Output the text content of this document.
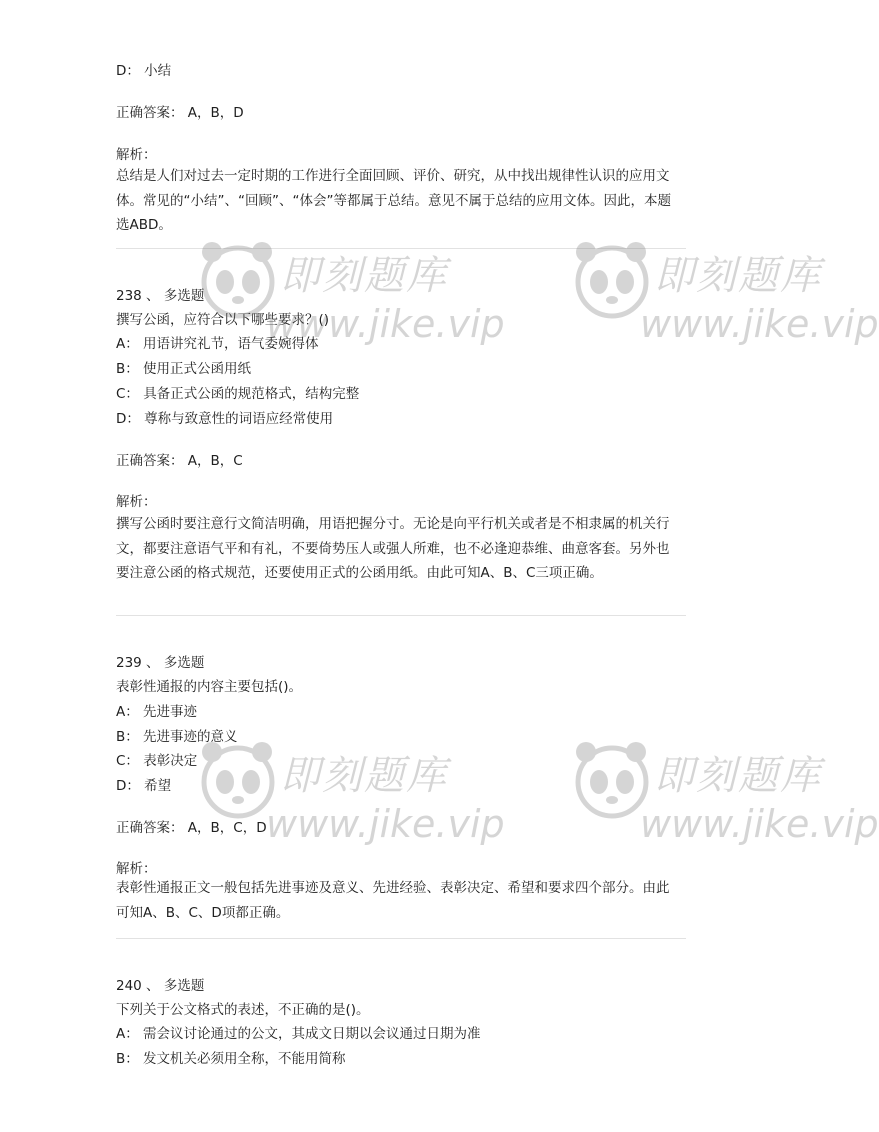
D： 小结
正确答案： A，B，D
解析：
总结是人们对过去一定时期的工作进行全面回顾、评价、研究，从中找出规律性认识的应用文体。常见的“小结”、“回顾”、“体会”等都属于总结。意见不属于总结的应用文体。因此，本题选ABD。
238 、 多选题
撰写公函，应符合以下哪些要求？()
A： 用语讲究礼节，语气委婉得体
B： 使用正式公函用纸
C： 具备正式公函的规范格式，结构完整
D： 尊称与致意性的词语应经常使用
正确答案： A，B，C
解析：
撰写公函时要注意行文简洁明确，用语把握分寸。无论是向平行机关或者是不相隶属的机关行文，都要注意语气平和有礼，不要倚势压人或强人所难，也不必逢迎恭维、曲意客套。另外也要注意公函的格式规范，还要使用正式的公函用纸。由此可知A、B、C三项正确。
239 、 多选题
表彰性通报的内容主要包括()。
A： 先进事迹
B： 先进事迹的意义
C： 表彰决定
D： 希望
正确答案： A，B，C，D
解析：
表彰性通报正文一般包括先进事迹及意义、先进经验、表彰决定、希望和要求四个部分。由此可知A、B、C、D项都正确。
240 、 多选题
下列关于公文格式的表述，不正确的是()。
A： 需会议讨论通过的公文，其成文日期以会议通过日期为准
B： 发文机关必须用全称，不能用简称
即刻题库
www.jike.vip
即刻题库
www.jike.vip
即刻题库
www.jike.vip
即刻题库
www.jike.vip
